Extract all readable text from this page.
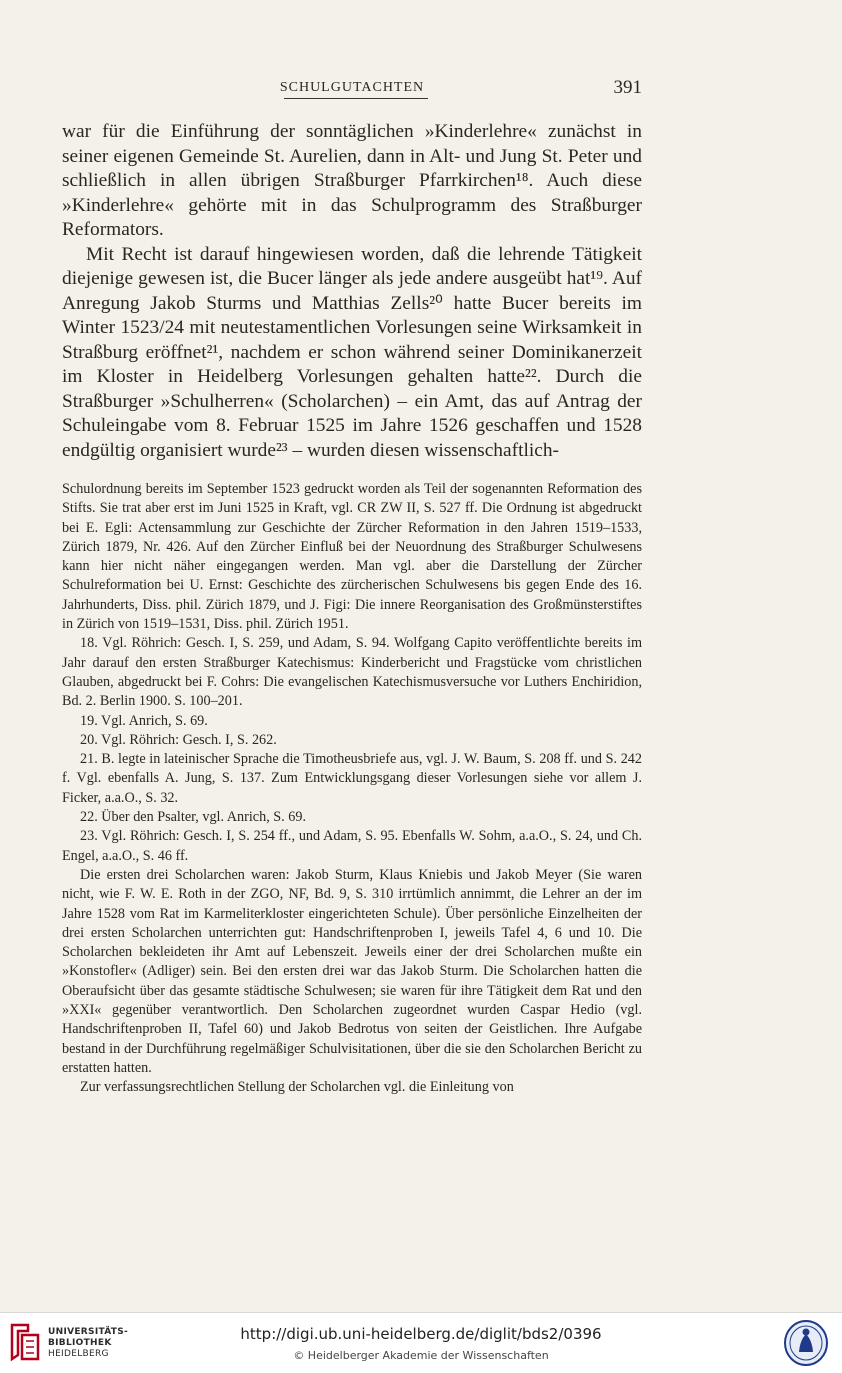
SCHULGUTACHTEN	391

war für die Einführung der sonntäglichen »Kinderlehre« zunächst in seiner eigenen Gemeinde St. Aurelien, dann in Alt- und Jung St. Peter und schließlich in allen übrigen Straßburger Pfarrkirchen¹⁸. Auch diese »Kinderlehre« gehörte mit in das Schulprogramm des Straßburger Reformators.

Mit Recht ist darauf hingewiesen worden, daß die lehrende Tätigkeit diejenige gewesen ist, die Bucer länger als jede andere ausgeübt hat¹⁹. Auf Anregung Jakob Sturms und Matthias Zells²⁰ hatte Bucer bereits im Winter 1523/24 mit neutestamentlichen Vorlesungen seine Wirksamkeit in Straßburg eröffnet²¹, nachdem er schon während seiner Dominikanerzeit im Kloster in Heidelberg Vorlesungen gehalten hatte²². Durch die Straßburger »Schulherren« (Scholarchen) – ein Amt, das auf Antrag der Schuleingabe vom 8. Februar 1525 im Jahre 1526 geschaffen und 1528 endgültig organisiert wurde²³ – wurden diesen wissenschaftlich-

Schulordnung bereits im September 1523 gedruckt worden als Teil der sogenannten Reformation des Stifts. Sie trat aber erst im Juni 1525 in Kraft, vgl. CR ZW II, S. 527 ff. Die Ordnung ist abgedruckt bei E. Egli: Actensammlung zur Geschichte der Zürcher Reformation in den Jahren 1519–1533, Zürich 1879, Nr. 426. Auf den Zürcher Einfluß bei der Neuordnung des Straßburger Schulwesens kann hier nicht näher eingegangen werden. Man vgl. aber die Darstellung der Zürcher Schulreformation bei U. Ernst: Geschichte des zürcherischen Schulwesens bis gegen Ende des 16. Jahrhunderts, Diss. phil. Zürich 1879, und J. Figi: Die innere Reorganisation des Großmünsterstiftes in Zürich von 1519–1531, Diss. phil. Zürich 1951.

18. Vgl. Röhrich: Gesch. I, S. 259, und Adam, S. 94. Wolfgang Capito veröffentlichte bereits im Jahr darauf den ersten Straßburger Katechismus: Kinderbericht und Fragstücke vom christlichen Glauben, abgedruckt bei F. Cohrs: Die evangelischen Katechismusversuche vor Luthers Enchiridion, Bd. 2. Berlin 1900. S. 100–201.

19. Vgl. Anrich, S. 69.

20. Vgl. Röhrich: Gesch. I, S. 262.

21. B. legte in lateinischer Sprache die Timotheusbriefe aus, vgl. J. W. Baum, S. 208 ff. und S. 242 f. Vgl. ebenfalls A. Jung, S. 137. Zum Entwicklungsgang dieser Vorlesungen siehe vor allem J. Ficker, a.a.O., S. 32.

22. Über den Psalter, vgl. Anrich, S. 69.

23. Vgl. Röhrich: Gesch. I, S. 254 ff., und Adam, S. 95. Ebenfalls W. Sohm, a.a.O., S. 24, und Ch. Engel, a.a.O., S. 46 ff.

Die ersten drei Scholarchen waren: Jakob Sturm, Klaus Kniebis und Jakob Meyer (Sie waren nicht, wie F. W. E. Roth in der ZGO, NF, Bd. 9, S. 310 irrtümlich annimmt, die Lehrer an der im Jahre 1528 vom Rat im Karmeliterkloster eingerichteten Schule). Über persönliche Einzelheiten der drei ersten Scholarchen unterrichten gut: Handschriftenproben I, jeweils Tafel 4, 6 und 10. Die Scholarchen bekleideten ihr Amt auf Lebenszeit. Jeweils einer der drei Scholarchen mußte ein »Konstofler« (Adliger) sein. Bei den ersten drei war das Jakob Sturm. Die Scholarchen hatten die Oberaufsicht über das gesamte städtische Schulwesen; sie waren für ihre Tätigkeit dem Rat und den »XXI« gegenüber verantwortlich. Den Scholarchen zugeordnet wurden Caspar Hedio (vgl. Handschriftenproben II, Tafel 60) und Jakob Bedrotus von seiten der Geistlichen. Ihre Aufgabe bestand in der Durchführung regelmäßiger Schulvisitationen, über die sie den Scholarchen Bericht zu erstatten hatten.

Zur verfassungsrechtlichen Stellung der Scholarchen vgl. die Einleitung von

UNIVERSITÄTS-
BIBLIOTHEK
HEIDELBERG
http://digi.ub.uni-heidelberg.de/diglit/bds2/0396
© Heidelberger Akademie der Wissenschaften
